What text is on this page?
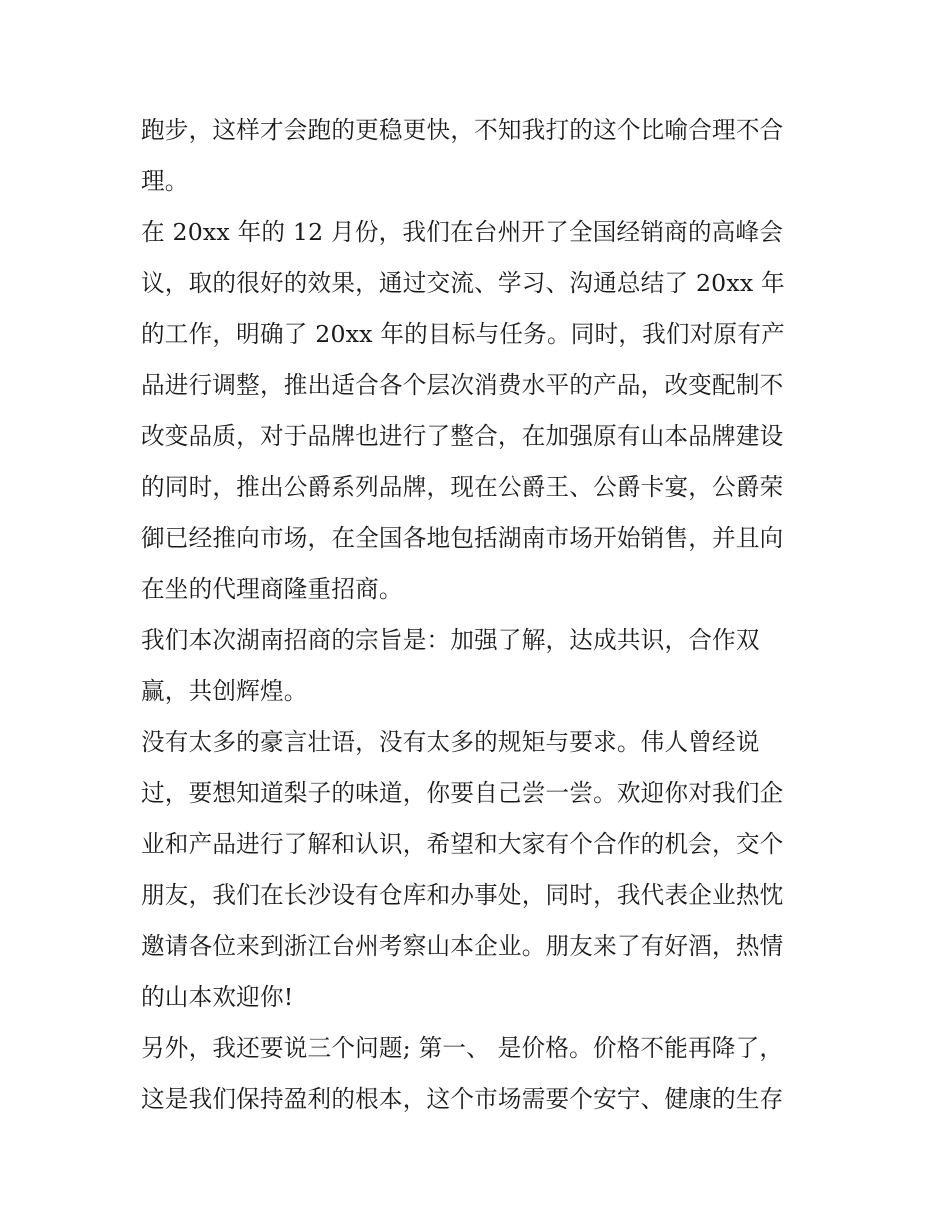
跑步，这样才会跑的更稳更快，不知我打的这个比喻合理不合
理。
在 20xx 年的 12 月份，我们在台州开了全国经销商的高峰会
议，取的很好的效果，通过交流、学习、沟通总结了 20xx 年
的工作，明确了 20xx 年的目标与任务。同时，我们对原有产
品进行调整，推出适合各个层次消费水平的产品，改变配制不
改变品质，对于品牌也进行了整合，在加强原有山本品牌建设
的同时，推出公爵系列品牌，现在公爵王、公爵卡宴，公爵荣
御已经推向市场，在全国各地包括湖南市场开始销售，并且向
在坐的代理商隆重招商。
我们本次湖南招商的宗旨是：加强了解，达成共识，合作双
赢，共创辉煌。
没有太多的豪言壮语，没有太多的规矩与要求。伟人曾经说
过，要想知道梨子的味道，你要自己尝一尝。欢迎你对我们企
业和产品进行了解和认识，希望和大家有个合作的机会，交个
朋友，我们在长沙设有仓库和办事处，同时，我代表企业热忱
邀请各位来到浙江台州考察山本企业。朋友来了有好酒，热情
的山本欢迎你!
另外，我还要说三个问题; 第一、 是价格。价格不能再降了，
这是我们保持盈利的根本，这个市场需要个安宁、健康的生存
